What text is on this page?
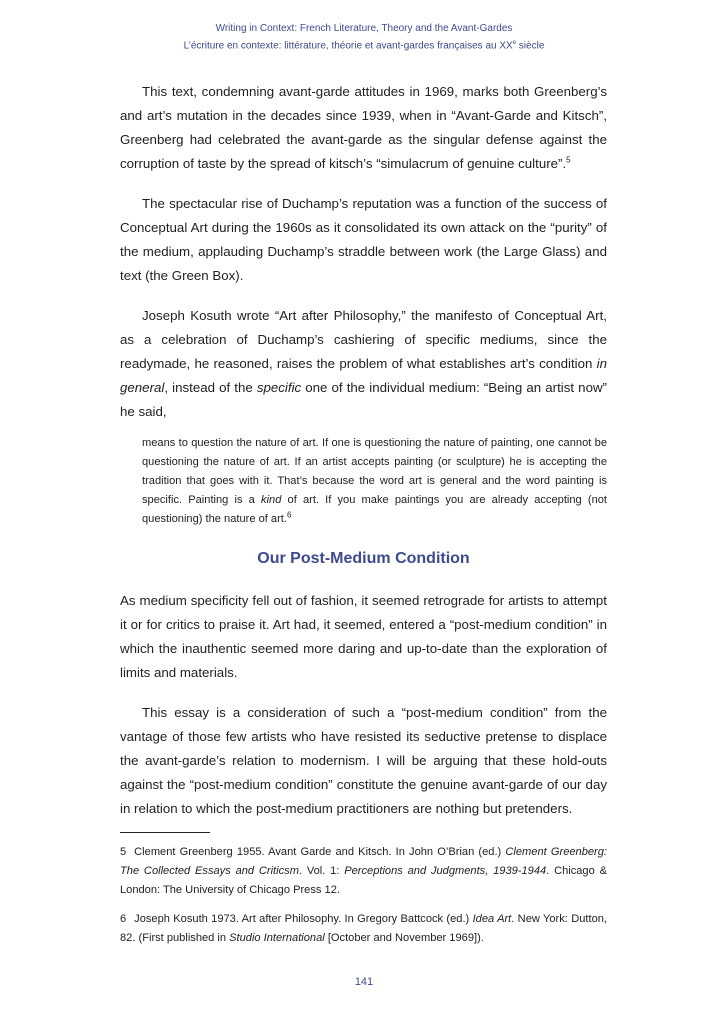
Writing in Context: French Literature, Theory and the Avant-Gardes
L’écriture en contexte: littérature, théorie et avant-gardes françaises au XXe siècle

This text, condemning avant-garde attitudes in 1969, marks both Greenberg’s and art’s mutation in the decades since 1939, when in “Avant-Garde and Kitsch”, Greenberg had celebrated the avant-garde as the singular defense against the corruption of taste by the spread of kitsch’s “simulacrum of genuine culture”.$^5$

The spectacular rise of Duchamp’s reputation was a function of the success of Conceptual Art during the 1960s as it consolidated its own attack on the “purity” of the medium, applauding Duchamp’s straddle between work (the Large Glass) and text (the Green Box).

Joseph Kosuth wrote “Art after Philosophy,” the manifesto of Conceptual Art, as a celebration of Duchamp’s cashiering of specific mediums, since the readymade, he reasoned, raises the problem of what establishes art’s condition in general, instead of the specific one of the individual medium: “Being an artist now” he said,

means to question the nature of art. If one is questioning the nature of painting, one cannot be questioning the nature of art. If an artist accepts painting (or sculpture) he is accepting the tradition that goes with it. That’s because the word art is general and the word painting is specific. Painting is a kind of art. If you make paintings you are already accepting (not questioning) the nature of art.$^6$
Our Post-Medium Condition

As medium specificity fell out of fashion, it seemed retrograde for artists to attempt it or for critics to praise it. Art had, it seemed, entered a “post-medium condition” in which the inauthentic seemed more daring and up-to-date than the exploration of limits and materials.

This essay is a consideration of such a “post-medium condition” from the vantage of those few artists who have resisted its seductive pretense to displace the avant-garde’s relation to modernism. I will be arguing that these hold-outs against the “post-medium condition” constitute the genuine avant-garde of our day in relation to which the post-medium practitioners are nothing but pretenders.

5 Clement Greenberg 1955. Avant Garde and Kitsch. In John O’Brian (ed.) Clement Greenberg: The Collected Essays and Criticsm. Vol. 1: Perceptions and Judgments, 1939-1944. Chicago & London: The University of Chicago Press 12.

6 Joseph Kosuth 1973. Art after Philosophy. In Gregory Battcock (ed.) Idea Art. New York: Dutton, 82. (First published in Studio International [October and November 1969]).

141
